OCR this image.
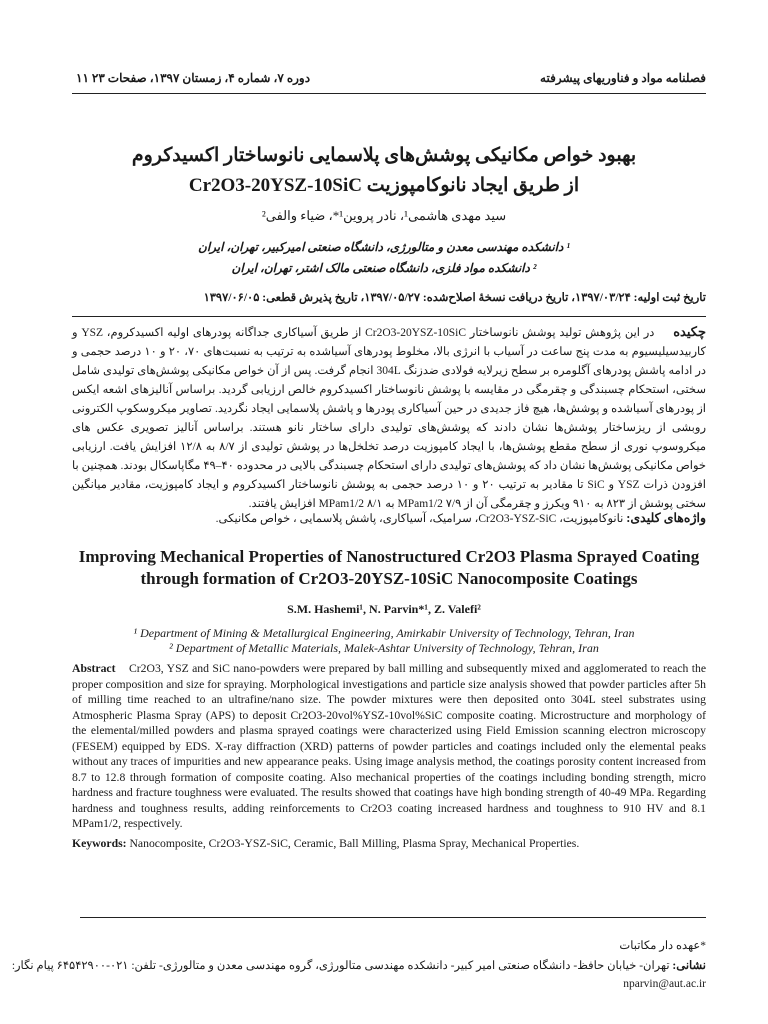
فصلنامه مواد و فناوریهای پیشرفته
دوره ۷، شماره ۴، زمستان ۱۳۹۷، صفحات ۲۳ ۱۱
بهبود خواص مکانیکی پوشش‌های پلاسمایی نانوساختار اکسیدکروم
از طریق ایجاد نانوکامپوزیت Cr2O3-20YSZ-10SiC
سید مهدی هاشمی¹، نادر پروین¹*، ضیاء والفی²
¹ دانشکده مهندسی معدن و متالورژی، دانشگاه صنعتی امیرکبیر، تهران، ایران
² دانشکده مواد فلزی، دانشگاه صنعتی مالک اشتر، تهران، ایران
تاریخ ثبت اولیه: ۱۳۹۷/۰۳/۲۴، تاریخ دریافت نسخۀ اصلاح‌شده: ۱۳۹۷/۰۵/۲۷، تاریخ پذیرش قطعی: ۱۳۹۷/۰۶/۰۵
چکیده     در این پژوهش تولید پوشش نانوساختار Cr2O3-20YSZ-10SiC از طریق آسیاکاری جداگانه پودرهای اولیه اکسیدکروم، YSZ و کاربیدسیلیسیوم به مدت پنج ساعت در آسیاب با انرژی بالا، مخلوط پودرهای آسیاشده به ترتیب به نسبت‌های ۷۰، ۲۰ و ۱۰ درصد حجمی و در ادامه پاشش پودرهای آگلومره بر سطح زیرلایه فولادی ضدزنگ 304L انجام گرفت. پس از آن خواص مکانیکی پوشش‌های تولیدی شامل سختی، استحکام چسبندگی و چقرمگی در مقایسه با پوشش نانوساختار اکسیدکروم خالص ارزیابی گردید. براساس آنالیزهای اشعه ایکس از پودرهای آسیاشده و پوشش‌ها، هیچ فاز جدیدی در حین آسیاکاری پودرها و پاشش پلاسمایی ایجاد نگردید. تصاویر میکروسکوپ الکترونی روبشی از ریزساختار پوشش‌ها نشان دادند که پوشش‌های تولیدی دارای ساختار نانو هستند. براساس آنالیز تصویری عکس های میکروسوپ نوری از سطح مقطع پوشش‌ها، با ایجاد کامپوزیت درصد تخلخل‌ها در پوشش تولیدی از ۸/۷ به ۱۲/۸ افزایش یافت. ارزیابی خواص مکانیکی پوشش‌ها نشان داد که پوشش‌های تولیدی دارای استحکام چسبندگی بالایی در محدوده ۴۰–۴۹ مگاپاسکال بودند. همچنین با افزودن ذرات YSZ و SiC تا مقادیر به ترتیب ۲۰ و ۱۰ درصد حجمی به پوشش نانوساختار اکسیدکروم و ایجاد کامپوزیت، مقادیر میانگین سختی پوشش از ۸۲۳ به ۹۱۰ ویکرز و چقرمگی آن از MPam1/2 ۷/۹ به MPam1/2 ۸/۱ افزایش یافتند.
واژه‌های کلیدی: نانوکامپوزیت، Cr2O3-YSZ-SiC، سرامیک، آسیاکاری، پاشش پلاسمایی ، خواص مکانیکی.
Improving Mechanical Properties of Nanostructured Cr2O3 Plasma Sprayed Coating through formation of Cr2O3-20YSZ-10SiC Nanocomposite Coatings
S.M. Hashemi¹, N. Parvin*¹, Z. Valefi²
¹ Department of Mining & Metallurgical Engineering, Amirkabir University of Technology, Tehran, Iran
² Department of Metallic Materials, Malek-Ashtar University of Technology, Tehran, Iran
Abstract Cr2O3, YSZ and SiC nano-powders were prepared by ball milling and subsequently mixed and agglomerated to reach the proper composition and size for spraying. Morphological investigations and particle size analysis showed that powder particles after 5h of milling time reached to an ultrafine/nano size. The powder mixtures were then deposited onto 304L steel substrates using Atmospheric Plasma Spray (APS) to deposit Cr2O3-20vol%YSZ-10vol%SiC composite coating. Microstructure and morphology of the elemental/milled powders and plasma sprayed coatings were characterized using Field Emission scanning electron microscopy (FESEM) equipped by EDS. X-ray diffraction (XRD) patterns of powder particles and coatings included only the elemental peaks without any traces of impurities and new appearance peaks. Using image analysis method, the coatings porosity content increased from 8.7 to 12.8 through formation of composite coating. Also mechanical properties of the coatings including bonding strength, micro hardness and fracture toughness were evaluated. The results showed that coatings have high bonding strength of 40-49 MPa. Regarding hardness and toughness results, adding reinforcements to Cr2O3 coating increased hardness and toughness to 910 HV and 8.1 MPam1/2, respectively.
Keywords: Nanocomposite, Cr2O3-YSZ-SiC, Ceramic, Ball Milling, Plasma Spray, Mechanical Properties.
*عهده دار مکاتبات
نشانی: تهران- خیابان حافظ- دانشگاه صنعتی امیر کبیر- دانشکده مهندسی متالورژی، گروه مهندسی معدن و متالورژی- تلفن: ۰۲۱-۶۴۵۴۲۹۰۰ پیام نگار:
nparvin@aut.ac.ir
